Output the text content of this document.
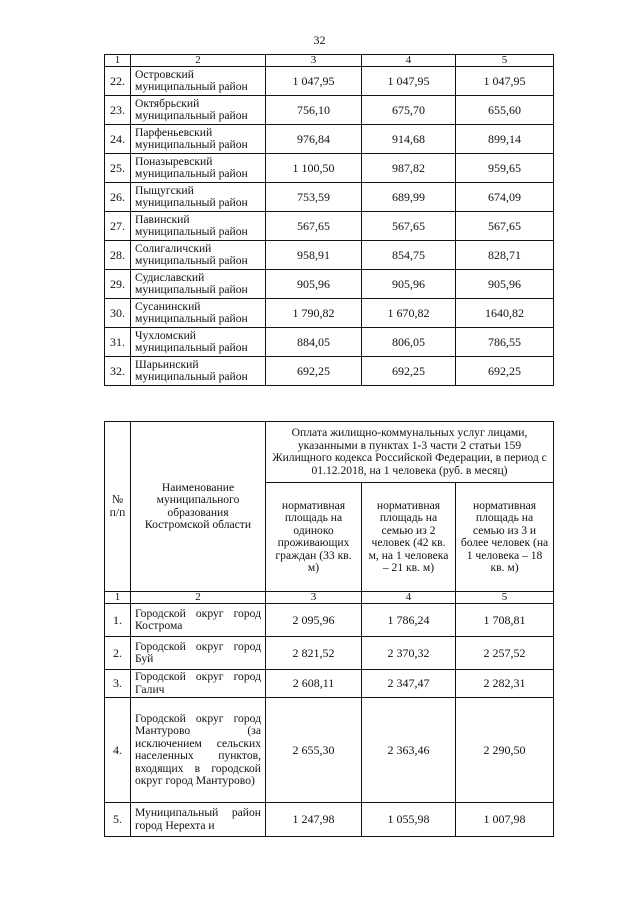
32
1	2	3	4	5
22.	Островский муниципальный район	1 047,95	1 047,95	1 047,95
23.	Октябрьский муниципальный район	756,10	675,70	655,60
24.	Парфеньевский муниципальный район	976,84	914,68	899,14
25.	Поназыревский муниципальный район	1 100,50	987,82	959,65
26.	Пыщугский муниципальный район	753,59	689,99	674,09
27.	Павинский муниципальный район	567,65	567,65	567,65
28.	Солигаличский муниципальный район	958,91	854,75	828,71
29.	Судиславский муниципальный район	905,96	905,96	905,96
30.	Сусанинский муниципальный район	1 790,82	1 670,82	1640,82
31.	Чухломский муниципальный район	884,05	806,05	786,55
32.	Шарьинский муниципальный район	692,25	692,25	692,25
№ п/п	Наименование муниципального образования Костромской области	Оплата жилищно-коммунальных услуг лицами, указанными в пунктах 1-3 части 2 статьи 159 Жилищного кодекса Российской Федерации, в период с 01.12.2018, на 1 человека (руб. в месяц)		
		нормативная площадь на одиноко проживающих граждан (33 кв. м)	нормативная площадь на семью из 2 человек (42 кв. м, на 1 человека – 21 кв. м)	нормативная площадь на семью из 3 и более человек (на 1 человека – 18 кв. м)
1	2	3	4	5
1.	Городской округ город Кострома	2 095,96	1 786,24	1 708,81
2.	Городской округ город Буй	2 821,52	2 370,32	2 257,52
3.	Городской округ город Галич	2 608,11	2 347,47	2 282,31
4.	Городской округ город Мантурово (за исключением сельских населенных пунктов, входящих в городской округ город Мантурово)	2 655,30	2 363,46	2 290,50
5.	Муниципальный район город Нерехта и	1 247,98	1 055,98	1 007,98
